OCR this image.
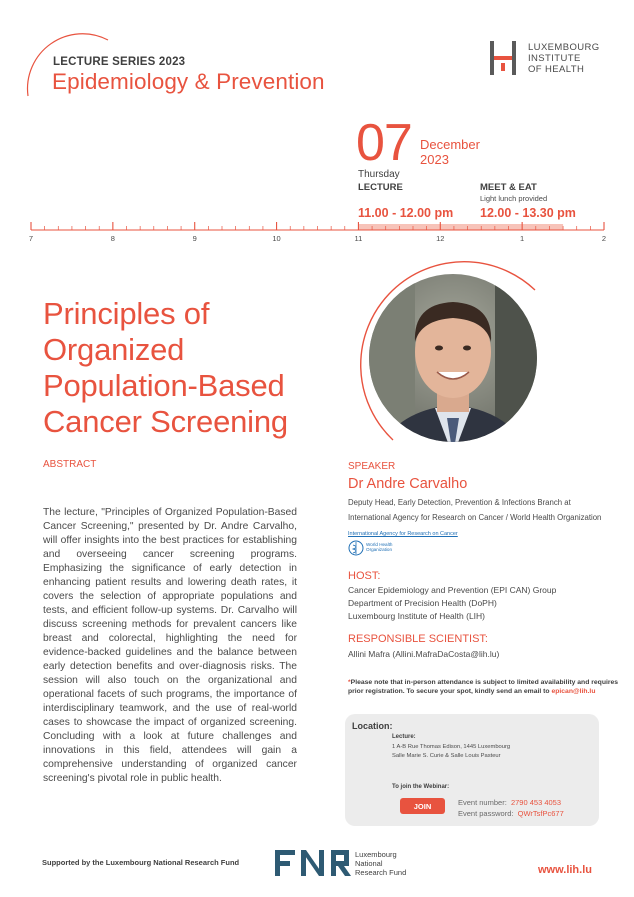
LECTURE SERIES 2023
Epidemiology & Prevention
LUXEMBOURG
INSTITUTE
OF HEALTH
07 December
2023
Thursday
LECTURE
11.00 - 12.00 pm
MEET & EAT
Light lunch provided
12.00 - 13.30 pm
7	8	9	10	11	12	1	2
Principles of
Organized
Population-Based
Cancer Screening
ABSTRACT
The lecture, "Principles of Organized Population-Based Cancer Screening," presented by Dr. Andre Carvalho, will offer insights into the best practices for establishing and overseeing cancer screening programs. Emphasizing the significance of early detection in enhancing patient results and lowering death rates, it covers the selection of appropriate populations and tests, and efficient follow-up systems. Dr. Carvalho will discuss screening methods for prevalent cancers like breast and colorectal, highlighting the need for evidence-backed guidelines and the balance between early detection benefits and over-diagnosis risks. The session will also touch on the organizational and operational facets of such programs, the importance of interdisciplinary teamwork, and the use of real-world cases to showcase the impact of organized screening. Concluding with a look at future challenges and innovations in this field, attendees will gain a comprehensive understanding of organized cancer screening's pivotal role in public health.
SPEAKER
Dr Andre Carvalho
Deputy Head, Early Detection, Prevention & Infections Branch at
International Agency for Research on Cancer / World Health Organization
International Agency for Research on Cancer
World Health
Organization
HOST:
Cancer Epidemiology and Prevention (EPI CAN) Group
Department of Precision Health (DoPH)
Luxembourg Institute of Health (LIH)
RESPONSIBLE SCIENTIST:
Allini Mafra (Allini.MafraDaCosta@lih.lu)
*Please note that in-person attendance is subject to limited availability and requires prior registration. To secure your spot, kindly send an email to epican@lih.lu
Location:
Lecture:
1 A-B Rue Thomas Edison, 1445 Luxembourg
Salle Marie S. Curie & Salle Louis Pasteur
To join the Webinar:
JOIN	Event number: 2790 453 4053
Event password: QWrTsfPc677
Supported by the Luxembourg National Research Fund
Luxembourg
National
Research Fund	www.lih.lu
